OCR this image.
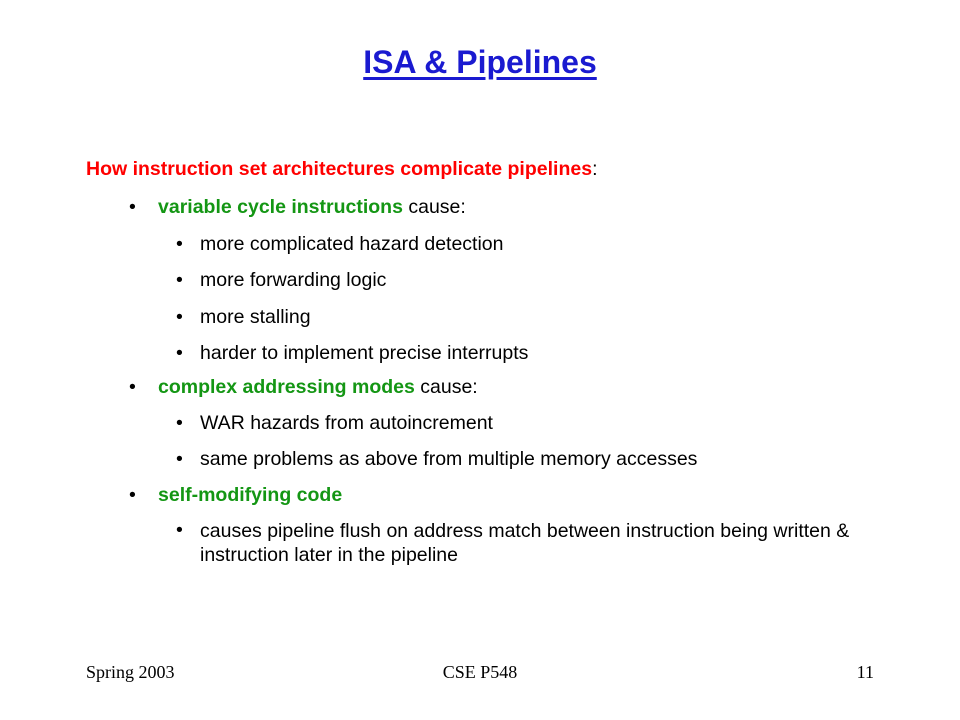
ISA & Pipelines
How instruction set architectures complicate pipelines:
• variable cycle instructions cause:
• more complicated hazard detection
• more forwarding logic
• more stalling
• harder to implement precise interrupts
• complex addressing modes cause:
• WAR hazards from autoincrement
• same problems as above from multiple memory accesses
• self-modifying code
• causes pipeline flush on address match between instruction being written & instruction later in the pipeline
Spring 2003	CSE P548	11
